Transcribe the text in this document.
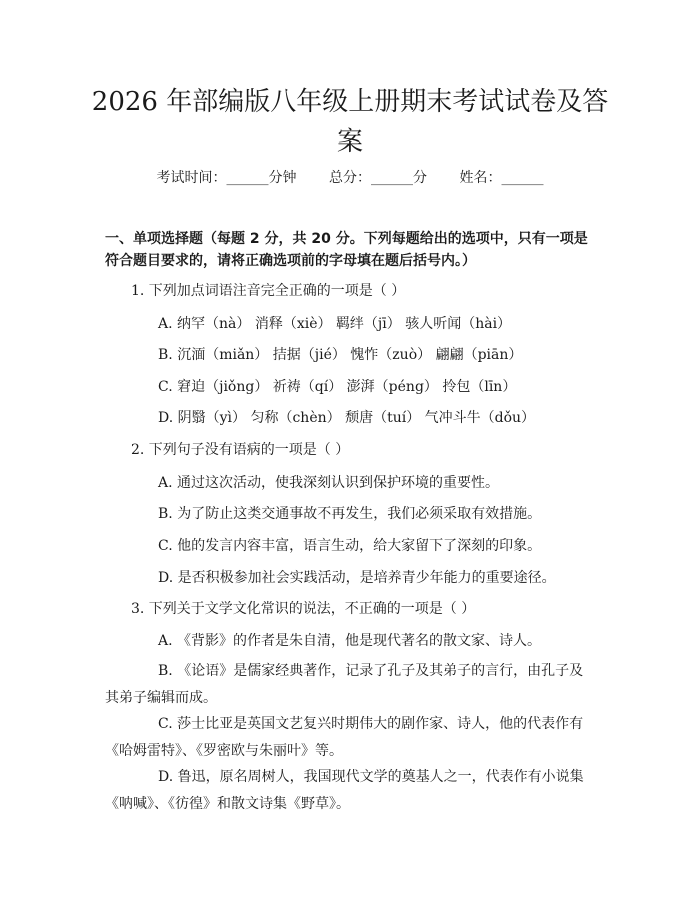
2026 年部编版八年级上册期末考试试卷及答
案
考试时间：______分钟 总分：______分 姓名：______
一、单项选择题（每题 2 分，共 20 分。下列每题给出的选项中，只有一项是符合题目要求的，请将正确选项前的字母填在题后括号内。）
1. 下列加点词语注音完全正确的一项是（ ）
A. 纳罕（nà） 消释（xiè） 羁绊（jī） 骇人听闻（hài）
B. 沉湎（miǎn） 拮据（jié） 愧怍（zuò） 翩翩（piān）
C. 窘迫（jiǒng） 祈祷（qí） 澎湃（péng） 拎包（līn）
D. 阴翳（yì） 匀称（chèn） 颓唐（tuí） 气冲斗牛（dǒu）
2. 下列句子没有语病的一项是（ ）
A. 通过这次活动，使我深刻认识到保护环境的重要性。
B. 为了防止这类交通事故不再发生，我们必须采取有效措施。
C. 他的发言内容丰富，语言生动，给大家留下了深刻的印象。
D. 是否积极参加社会实践活动，是培养青少年能力的重要途径。
3. 下列关于文学文化常识的说法，不正确的一项是（ ）
A. 《背影》的作者是朱自清，他是现代著名的散文家、诗人。
B. 《论语》是儒家经典著作，记录了孔子及其弟子的言行，由孔子及其弟子编辑而成。
C. 莎士比亚是英国文艺复兴时期伟大的剧作家、诗人，他的代表作有《哈姆雷特》、《罗密欧与朱丽叶》等。
D. 鲁迅，原名周树人，我国现代文学的奠基人之一，代表作有小说集《呐喊》、《彷徨》和散文诗集《野草》。
